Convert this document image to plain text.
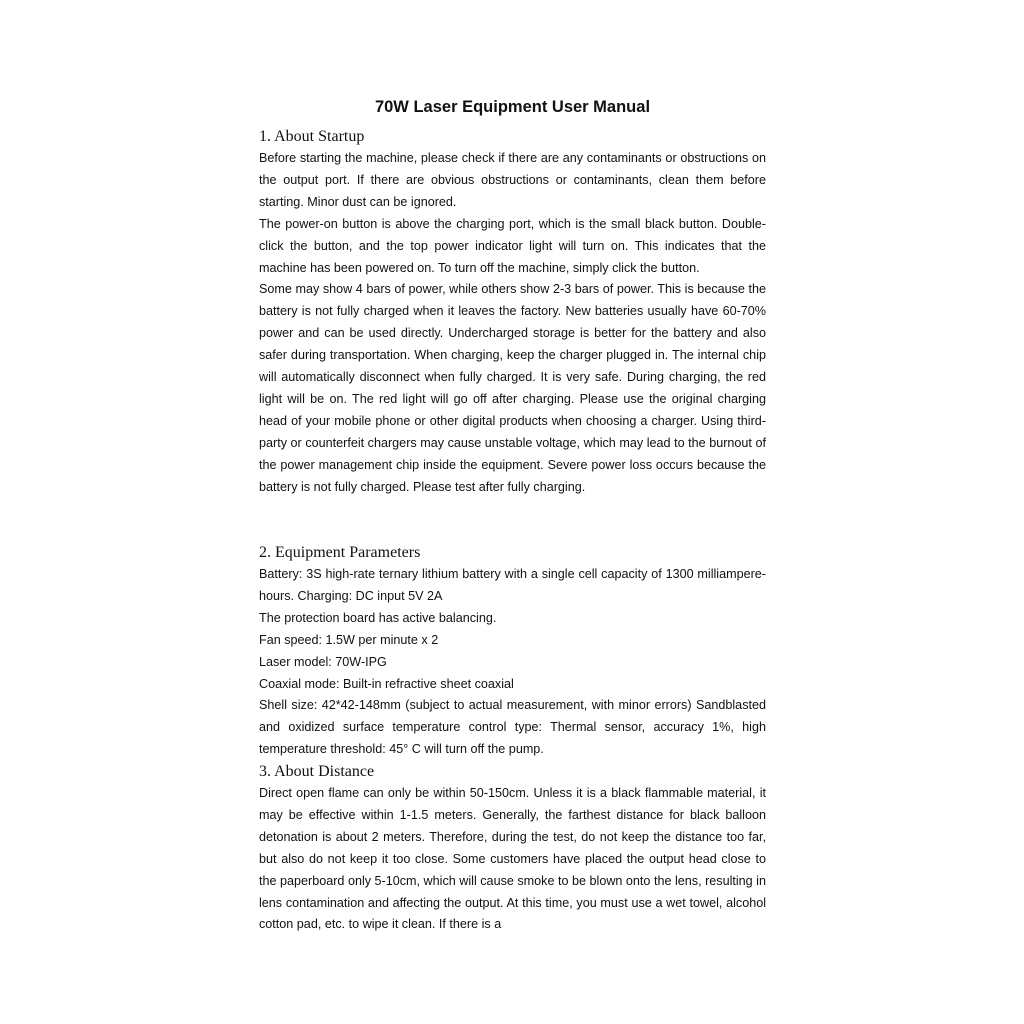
70W Laser Equipment User Manual
1. About Startup

Before starting the machine, please check if there are any contaminants or obstructions on the output port. If there are obvious obstructions or contaminants, clean them before starting. Minor dust can be ignored.

The power-on button is above the charging port, which is the small black button. Double-click the button, and the top power indicator light will turn on. This indicates that the machine has been powered on. To turn off the machine, simply click the button.

Some may show 4 bars of power, while others show 2-3 bars of power. This is because the battery is not fully charged when it leaves the factory. New batteries usually have 60-70% power and can be used directly. Undercharged storage is better for the battery and also safer during transportation. When charging, keep the charger plugged in. The internal chip will automatically disconnect when fully charged. It is very safe. During charging, the red light will be on. The red light will go off after charging. Please use the original charging head of your mobile phone or other digital products when choosing a charger. Using third-party or counterfeit chargers may cause unstable voltage, which may lead to the burnout of the power management chip inside the equipment. Severe power loss occurs because the battery is not fully charged. Please test after fully charging.

2. Equipment Parameters

Battery: 3S high-rate ternary lithium battery with a single cell capacity of 1300 milliampere-hours. Charging: DC input 5V 2A

The protection board has active balancing.

Fan speed: 1.5W per minute x 2

Laser model: 70W-IPG

Coaxial mode: Built-in refractive sheet coaxial

Shell size: 42*42-148mm (subject to actual measurement, with minor errors) Sandblasted and oxidized surface temperature control type: Thermal sensor, accuracy 1%, high temperature threshold: 45° C will turn off the pump.

3. About Distance

Direct open flame can only be within 50-150cm. Unless it is a black flammable material, it may be effective within 1-1.5 meters. Generally, the farthest distance for black balloon detonation is about 2 meters. Therefore, during the test, do not keep the distance too far, but also do not keep it too close. Some customers have placed the output head close to the paperboard only 5-10cm, which will cause smoke to be blown onto the lens, resulting in lens contamination and affecting the output. At this time, you must use a wet towel, alcohol cotton pad, etc. to wipe it clean. If there is a
